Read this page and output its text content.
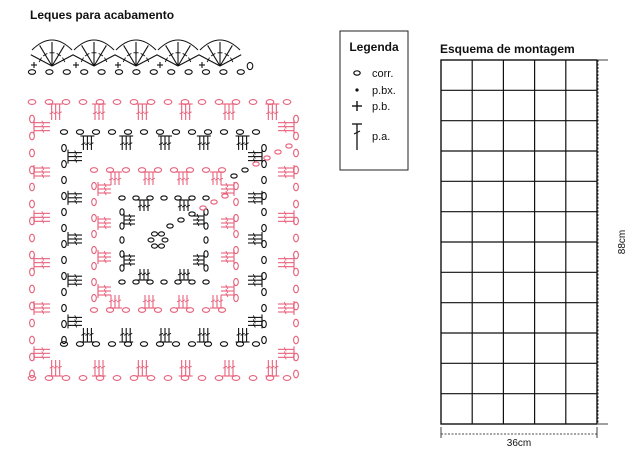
Leques para acabamento
Legenda
corr.
p.bx.
p.b.
p.a.
Esquema de montagem
88cm
36cm
